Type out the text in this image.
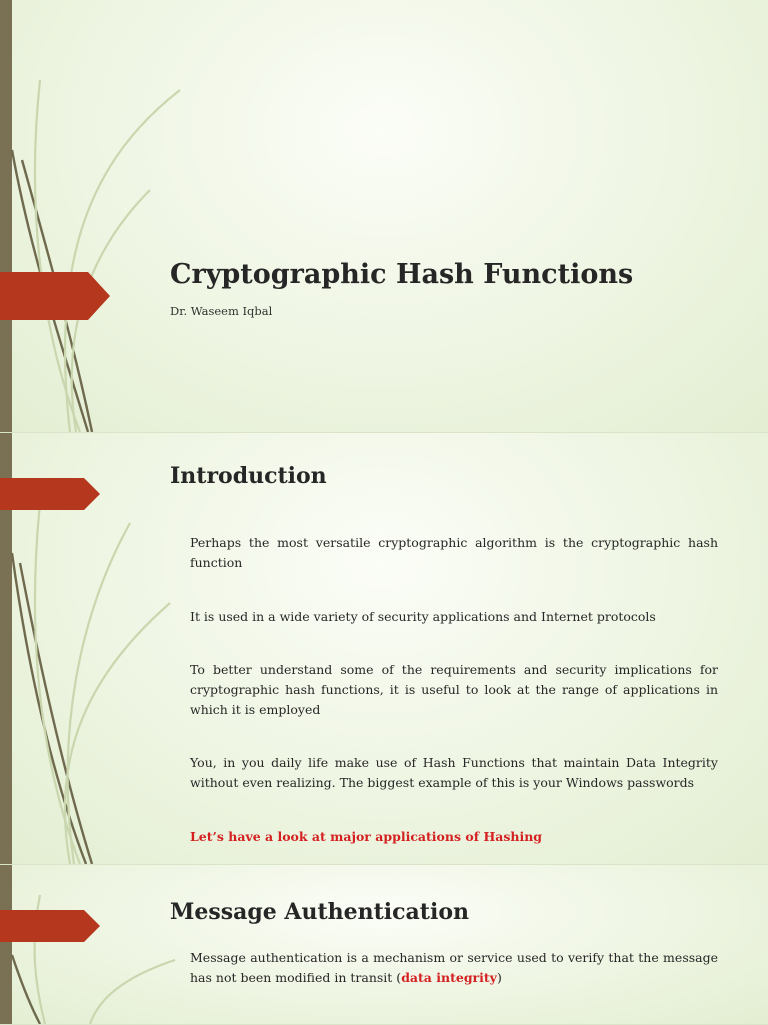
Cryptographic Hash Functions

Dr. Waseem Iqbal

Introduction

Perhaps the most versatile cryptographic algorithm is the cryptographic hash function

It is used in a wide variety of security applications and Internet protocols

To better understand some of the requirements and security implications for cryptographic hash functions, it is useful to look at the range of applications in which it is employed

You, in you daily life make use of Hash Functions that maintain Data Integrity without even realizing. The biggest example of this is your Windows passwords

Let’s have a look at major applications of Hashing

Message Authentication

Message authentication is a mechanism or service used to verify that the message has not been modified in transit (data integrity)
